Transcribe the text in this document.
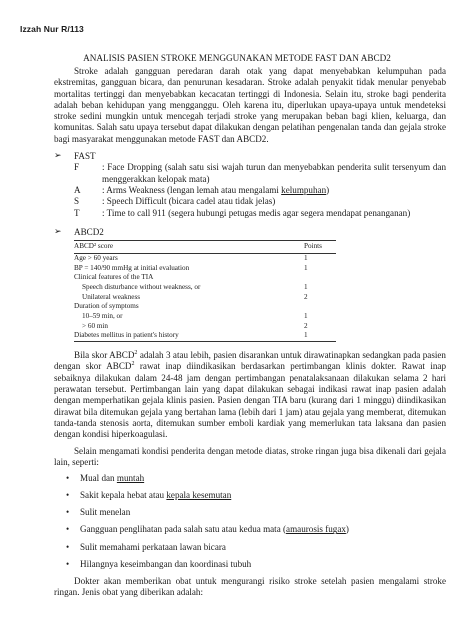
Izzah Nur R/113
ANALISIS PASIEN STROKE MENGGUNAKAN METODE FAST DAN ABCD2

Stroke adalah gangguan peredaran darah otak yang dapat menyebabkan kelumpuhan pada ekstremitas, gangguan bicara, dan penurunan kesadaran. Stroke adalah penyakit tidak menular penyebab mortalitas tertinggi dan menyebabkan kecacatan tertinggi di Indonesia. Selain itu, stroke bagi penderita adalah beban kehidupan yang mengganggu. Oleh karena itu, diperlukan upaya-upaya untuk mendeteksi stroke sedini mungkin untuk mencegah terjadi stroke yang merupakan beban bagi klien, keluarga, dan komunitas. Salah satu upaya tersebut dapat dilakukan dengan pelatihan pengenalan tanda dan gejala stroke bagi masyarakat menggunakan metode FAST dan ABCD2.

➢	FAST
F	: Face Dropping (salah satu sisi wajah turun dan menyebabkan penderita sulit tersenyum dan menggerakkan kelopak mata)
A	: Arms Weakness (lengan lemah atau mengalami kelumpuhan)
S	: Speech Difficult (bicara cadel atau tidak jelas)
T	: Time to call 911 (segera hubungi petugas medis agar segera mendapat penanganan)
➢	ABCD2
ABCD² score	Points
Age > 60 years	1
BP = 140/90 mmHg at initial evaluation	1
Clinical features of the TIA	
Speech disturbance without weakness, or	1
Unilateral weakness	2
Duration of symptoms	
10–59 min, or	1
> 60 min	2
Diabetes mellitus in patient's history	1

Bila skor ABCD$^2$ adalah 3 atau lebih, pasien disarankan untuk dirawatinapkan sedangkan pada pasien dengan skor ABCD$^2$ rawat inap diindikasikan berdasarkan pertimbangan klinis dokter. Rawat inap sebaiknya dilakukan dalam 24-48 jam dengan pertimbangan penatalaksanaan dilakukan selama 2 hari perawatan tersebut. Pertimbangan lain yang dapat dilakukan sebagai indikasi rawat inap pasien adalah dengan memperhatikan gejala klinis pasien. Pasien dengan TIA baru (kurang dari 1 minggu) diindikasikan dirawat bila ditemukan gejala yang bertahan lama (lebih dari 1 jam) atau gejala yang memberat, ditemukan tanda-tanda stenosis aorta, ditemukan sumber emboli kardiak yang memerlukan tata laksana dan pasien dengan kondisi hiperkoagulasi.

Selain mengamati kondisi penderita dengan metode diatas, stroke ringan juga bisa dikenali dari gejala lain, seperti:

•	Mual dan muntah
•	Sakit kepala hebat atau kepala kesemutan
•	Sulit menelan
•	Gangguan penglihatan pada salah satu atau kedua mata (amaurosis fugax)
•	Sulit memahami perkataan lawan bicara
•	Hilangnya keseimbangan dan koordinasi tubuh

Dokter akan memberikan obat untuk mengurangi risiko stroke setelah pasien mengalami stroke ringan. Jenis obat yang diberikan adalah:
